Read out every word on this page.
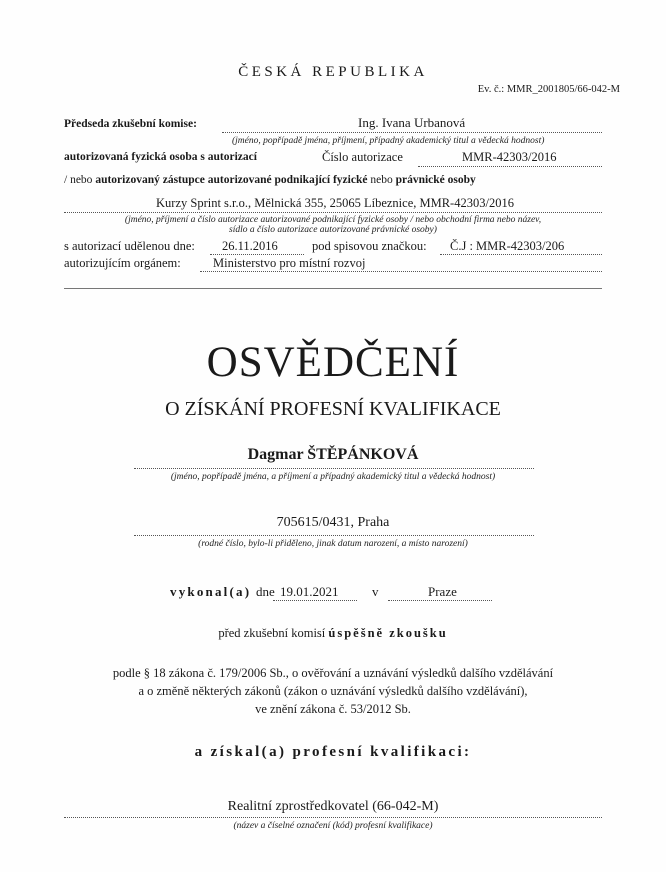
ČESKÁ REPUBLIKA
Ev. č.: MMR_2001805/66-042-M
Předseda zkušební komise:	Ing. Ivana Urbanová
(jméno, popřípadě jména, příjmení, případný akademický titul a vědecká hodnost)
autorizovaná fyzická osoba s autorizací	Číslo autorizace	MMR-42303/2016
/ nebo autorizovaný zástupce autorizované podnikající fyzické nebo právnické osoby
Kurzy Sprint s.r.o., Mělnická 355, 25065 Líbeznice, MMR-42303/2016
(jméno, příjmení a číslo autorizace autorizované podnikající fyzické osoby / nebo obchodní firma nebo název,
sídlo a číslo autorizace autorizované právnické osoby)
s autorizací udělenou dne: 26.11.2016	pod spisovou značkou: Č.J : MMR-42303/206
autorizujícím orgánem:	Ministerstvo pro místní rozvoj
OSVĚDČENÍ
O ZÍSKÁNÍ PROFESNÍ KVALIFIKACE
Dagmar ŠTĚPÁNKOVÁ
(jméno, popřípadě jména, a příjmení a případný akademický titul a vědecká hodnost)
705615/0431, Praha
(rodné číslo, bylo-li přiděleno, jinak datum narození, a místo narození)
vykonal(a) dne 19.01.2021	v	Praze
před zkušební komisí úspěšně zkoušku
podle § 18 zákona č. 179/2006 Sb., o ověřování a uznávání výsledků dalšího vzdělávání
a o změně některých zákonů (zákon o uznávání výsledků dalšího vzdělávání),
ve znění zákona č. 53/2012 Sb.
a získal(a) profesní kvalifikaci:
Realitní zprostředkovatel (66-042-M)
(název a číselné označení (kód) profesní kvalifikace)
